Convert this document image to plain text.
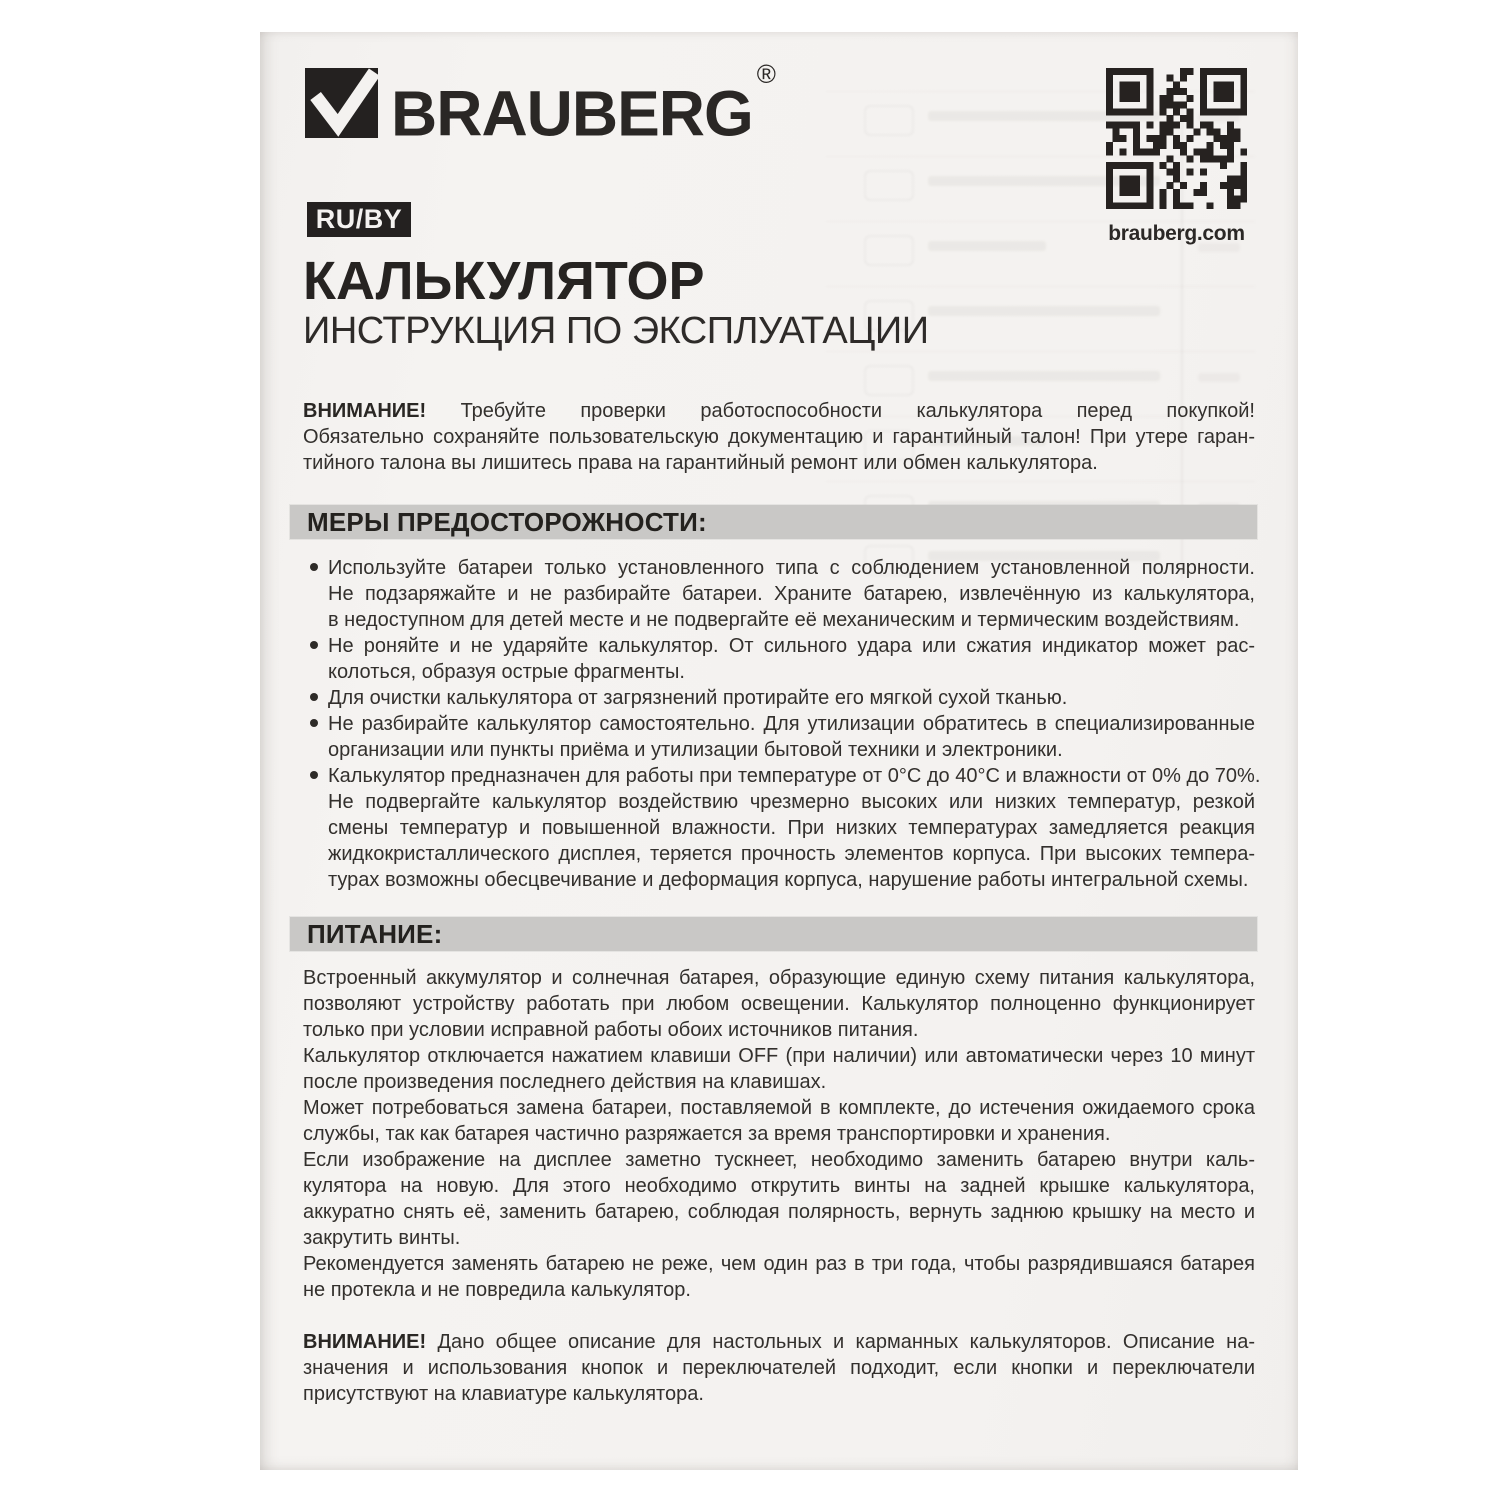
BRAUBERG®
brauberg.com
RU/BY
КАЛЬКУЛЯТОР
ИНСТРУКЦИЯ ПО ЭКСПЛУАТАЦИИ
ВНИМАНИЕ! Требуйте проверки работоспособности калькулятора перед покупкой!
Обязательно сохраняйте пользовательскую документацию и гарантийный талон! При утере гаран-
тийного талона вы лишитесь права на гарантийный ремонт или обмен калькулятора.
МЕРЫ ПРЕДОСТОРОЖНОСТИ:
Используйте батареи только установленного типа с соблюдением установленной полярности.
Не подзаряжайте и не разбирайте батареи. Храните батарею, извлечённую из калькулятора,
в недоступном для детей месте и не подвергайте её механическим и термическим воздействиям.
Не роняйте и не ударяйте калькулятор. От сильного удара или сжатия индикатор может рас-
колоться, образуя острые фрагменты.
Для очистки калькулятора от загрязнений протирайте его мягкой сухой тканью.
Не разбирайте калькулятор самостоятельно. Для утилизации обратитесь в специализированные
организации или пункты приёма и утилизации бытовой техники и электроники.
Калькулятор предназначен для работы при температуре от 0°С до 40°С и влажности от 0% до 70%.
Не подвергайте калькулятор воздействию чрезмерно высоких или низких температур, резкой
смены температур и повышенной влажности. При низких температурах замедляется реакция
жидкокристаллического дисплея, теряется прочность элементов корпуса. При высоких темпера-
турах возможны обесцвечивание и деформация корпуса, нарушение работы интегральной схемы.
ПИТАНИЕ:
Встроенный аккумулятор и солнечная батарея, образующие единую схему питания калькулятора,
позволяют устройству работать при любом освещении. Калькулятор полноценно функционирует
только при условии исправной работы обоих источников питания.
Калькулятор отключается нажатием клавиши OFF (при наличии) или автоматически через 10 минут
после произведения последнего действия на клавишах.
Может потребоваться замена батареи, поставляемой в комплекте, до истечения ожидаемого срока
службы, так как батарея частично разряжается за время транспортировки и хранения.
Если изображение на дисплее заметно тускнеет, необходимо заменить батарею внутри каль-
кулятора на новую. Для этого необходимо открутить винты на задней крышке калькулятора,
аккуратно снять её, заменить батарею, соблюдая полярность, вернуть заднюю крышку на место и
закрутить винты.
Рекомендуется заменять батарею не реже, чем один раз в три года, чтобы разрядившаяся батарея
не протекла и не повредила калькулятор.
ВНИМАНИЕ! Дано общее описание для настольных и карманных калькуляторов. Описание на-
значения и использования кнопок и переключателей подходит, если кнопки и переключатели
присутствуют на клавиатуре калькулятора.
